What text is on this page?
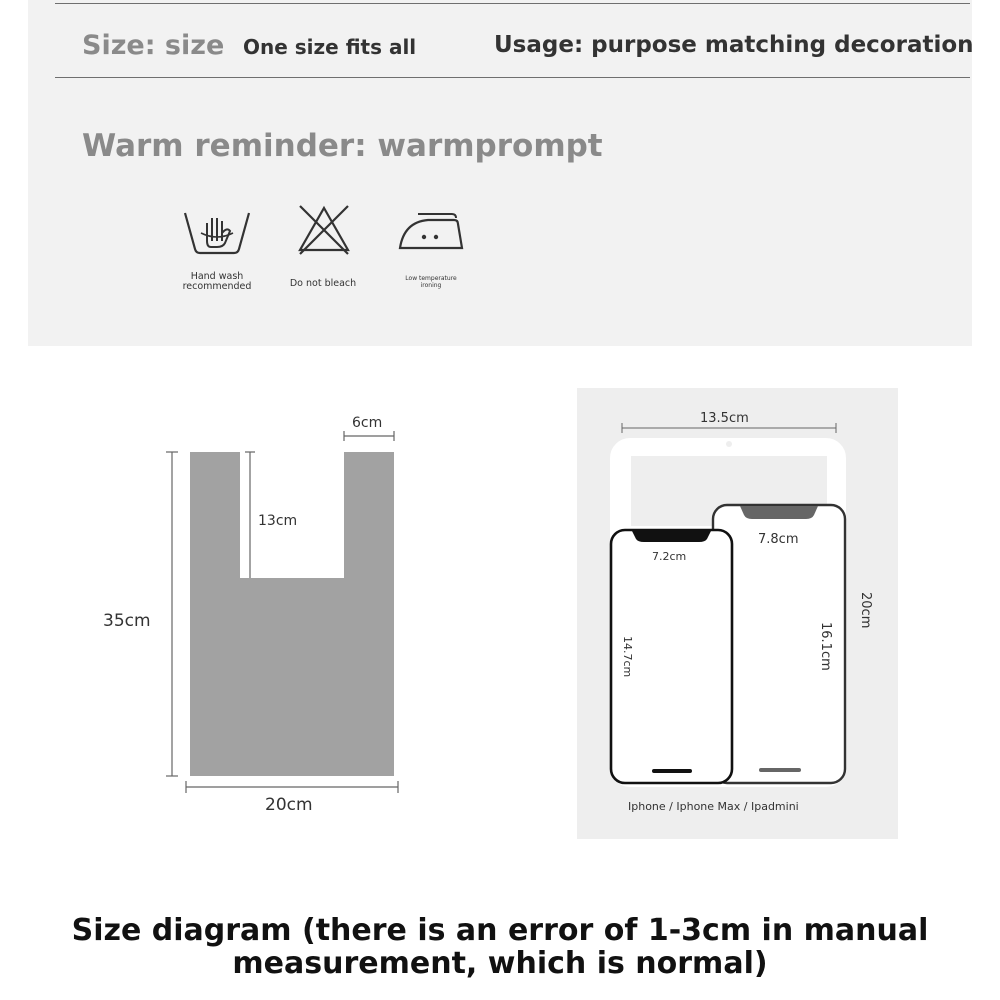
Size: size One size fits all	Usage: purpose matching decoration
Warm reminder: warmprompt
Hand wash
recommended	Do not bleach	Low temperature
ironing
6cm
13cm
35cm
20cm
13.5cm
20cm
7.8cm
16.1cm
7.2cm
14.7cm
Iphone / Iphone Max / Ipadmini
Size diagram (there is an error of 1-3cm in manual
measurement, which is normal)
